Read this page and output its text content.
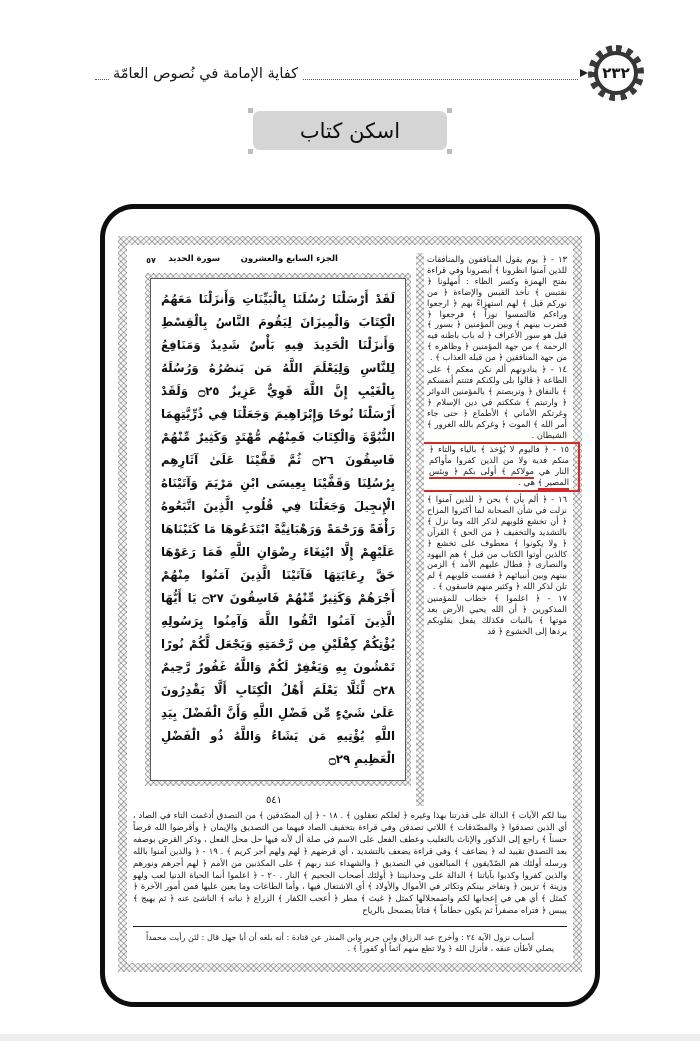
كفاية الإمامة في نُصوص العامّة	٢٣٢
اسكن كتاب

١٣ - ﴿ يوم يقول المنافقون والمنافقات للذين آمنوا انظرونا ﴾ أبصرونا وفي قراءة بفتح الهمزة وكسر الظاء : أمهلونا ﴿ نقتبس ﴾ نأخذ القبس والإضاءة ﴿ من نوركم قيل ﴾ لهم استهزاءً بهم ﴿ ارجعوا وراءكم فالتمسوا نوراً ﴾ فرجعوا ﴿ فضرب بينهم ﴾ وبين المؤمنين ﴿ بسور ﴾ قيل هو سور الأعراف ﴿ له باب باطنه فيه الرحمة ﴾ من جهة المؤمنين ﴿ وظاهره ﴾ من جهة المنافقين ﴿ من قبله العذاب ﴾ .

١٤ - ﴿ ينادونهم ألم نكن معكم ﴾ على الطاعة ﴿ قالوا بلى ولكنكم فتنتم أنفسكم ﴾ بالنفاق ﴿ وتربصتم ﴾ بالمؤمنين الدوائر ﴿ وارتبتم ﴾ شككتم في دين الإسلام ﴿ وغرتكم الأماني ﴾ الأطماع ﴿ حتى جاء أمر الله ﴾ الموت ﴿ وغركم بالله الغرور ﴾ الشيطان .

١٥ - ﴿ فاليوم لا يُؤخذ ﴾ بالياء والتاء ﴿ منكم فدية ولا من الذين كفروا مأواكم النار هي مولاكم ﴾ أولى بكم ﴿ وبئس المصير ﴾ هي .

١٦ - ﴿ ألم يأن ﴾ يحن ﴿ للذين آمنوا ﴾ نزلت في شأن الصحابة لما أكثروا المزاح ﴿ أن تخشع قلوبهم لذكر الله وما نزل ﴾ بالتشديد والتخفيف ﴿ من الحق ﴾ القرآن ﴿ ولا يكونوا ﴾ معطوف على تخشع ﴿ كالذين أوتوا الكتاب من قبل ﴾ هم اليهود والنصارى ﴿ فطال عليهم الأمد ﴾ الزمن بينهم وبين أنبيائهم ﴿ فقست قلوبهم ﴾ لم تلن لذكر الله ﴿ وكثير منهم فاسقون ﴾ .

١٧ - ﴿ اعلموا ﴾ خطاب للمؤمنين المذكورين ﴿ أن الله يحيي الأرض بعد موتها ﴾ بالنبات فكذلك يفعل بقلوبكم يردها إلى الخشوع ﴿ قد

الجزء السابع والعشرون
سورة الحديد
٥٧
لَقَدْ أَرْسَلْنَا رُسُلَنَا بِالْبَيِّنَاتِ وَأَنزَلْنَا مَعَهُمُ الْكِتَابَ وَالْمِيزَانَ لِيَقُومَ النَّاسُ بِالْقِسْطِ وَأَنزَلْنَا الْحَدِيدَ فِيهِ بَأْسٌ شَدِيدٌ وَمَنَافِعُ لِلنَّاسِ وَلِيَعْلَمَ اللَّهُ مَن يَنصُرُهُ وَرُسُلَهُ بِالْغَيْبِ إِنَّ اللَّهَ قَوِيٌّ عَزِيزٌ ۝٢٥ وَلَقَدْ أَرْسَلْنَا نُوحًا وَإِبْرَاهِيمَ وَجَعَلْنَا فِي ذُرِّيَّتِهِمَا النُّبُوَّةَ وَالْكِتَابَ فَمِنْهُم مُّهْتَدٍ وَكَثِيرٌ مِّنْهُمْ فَاسِقُونَ ۝٢٦ ثُمَّ قَفَّيْنَا عَلَىٰ آثَارِهِم بِرُسُلِنَا وَقَفَّيْنَا بِعِيسَى ابْنِ مَرْيَمَ وَآتَيْنَاهُ الْإِنجِيلَ وَجَعَلْنَا فِي قُلُوبِ الَّذِينَ اتَّبَعُوهُ رَأْفَةً وَرَحْمَةً وَرَهْبَانِيَّةً ابْتَدَعُوهَا مَا كَتَبْنَاهَا عَلَيْهِمْ إِلَّا ابْتِغَاءَ رِضْوَانِ اللَّهِ فَمَا رَعَوْهَا حَقَّ رِعَايَتِهَا فَآتَيْنَا الَّذِينَ آمَنُوا مِنْهُمْ أَجْرَهُمْ وَكَثِيرٌ مِّنْهُمْ فَاسِقُونَ ۝٢٧ يَا أَيُّهَا الَّذِينَ آمَنُوا اتَّقُوا اللَّهَ وَآمِنُوا بِرَسُولِهِ يُؤْتِكُمْ كِفْلَيْنِ مِن رَّحْمَتِهِ وَيَجْعَل لَّكُمْ نُورًا تَمْشُونَ بِهِ وَيَغْفِرْ لَكُمْ وَاللَّهُ غَفُورٌ رَّحِيمٌ ۝٢٨ لِّئَلَّا يَعْلَمَ أَهْلُ الْكِتَابِ أَلَّا يَقْدِرُونَ عَلَىٰ شَيْءٍ مِّن فَضْلِ اللَّهِ وَأَنَّ الْفَضْلَ بِيَدِ اللَّهِ يُؤْتِيهِ مَن يَشَاءُ وَاللَّهُ ذُو الْفَضْلِ الْعَظِيمِ ۝٢٩
٥٤١

بينا لكم الآيات ﴾ الدالة على قدرتنا بهذا وغيره ﴿ لعلكم تعقلون ﴾ . ١٨ - ﴿ إن المصّدقين ﴾ من التصدق أدغمت التاء في الصاد ، أي الذين تصدقوا ﴿ والمصّدقات ﴾ اللاتي تصدقن وفي قراءة بتخفيف الصاد فيهما من التصديق والإيمان ﴿ وأقرضوا الله قرضاً حسناً ﴾ راجع إلى الذكور والإناث بالتغليب وعطف الفعل على الاسم في صلة أل لأنه فيها حل محل الفعل ، وذكر القرض بوصفه بعد التصدق تقييد له ﴿ يضاعف ﴾ وفي قراءة يضعف بالتشديد ، أي قرضهم ﴿ لهم ولهم أجر كريم ﴾ . ١٩ - ﴿ والذين آمنوا بالله ورسله أولئك هم الصّدّيقون ﴾ المبالغون في التصديق ﴿ والشهداء عند ربهم ﴾ على المكذبين من الأمم ﴿ لهم أجرهم ونورهم والذين كفروا وكذبوا بآياتنا ﴾ الدالة على وحدانيتنا ﴿ أولئك أصحاب الجحيم ﴾ النار . ٢٠ - ﴿ اعلموا أنما الحياة الدنيا لعب ولهو وزينة ﴾ تزيين ﴿ وتفاخر بينكم وتكاثر في الأموال والأولاد ﴾ أي الاشتغال فيها ، وأما الطاعات وما يعين عليها فمن أمور الآخرة ﴿ كمثل ﴾ أي هي في إعجابها لكم واضمحلالها كمثل ﴿ غيث ﴾ مطر ﴿ أعجب الكفار ﴾ الزراع ﴿ نباته ﴾ الناشئ عنه ﴿ ثم يهيج ﴾ ييبس ﴿ فتراه مصفراً ثم يكون حطاماً ﴾ فتاتاً يضمحل بالرياح

أسباب نزول الآية ٢٤ : وأخرج عبد الرزاق وابن جرير وابن المنذر عن قتادة : أنه بلغه أن أبا جهل قال : لئن رأيت محمداً يصلي لأطأن عنقه ، فأنزل الله ﴿ ولا تطع منهم آثماً أو كفوراً ﴾ .
